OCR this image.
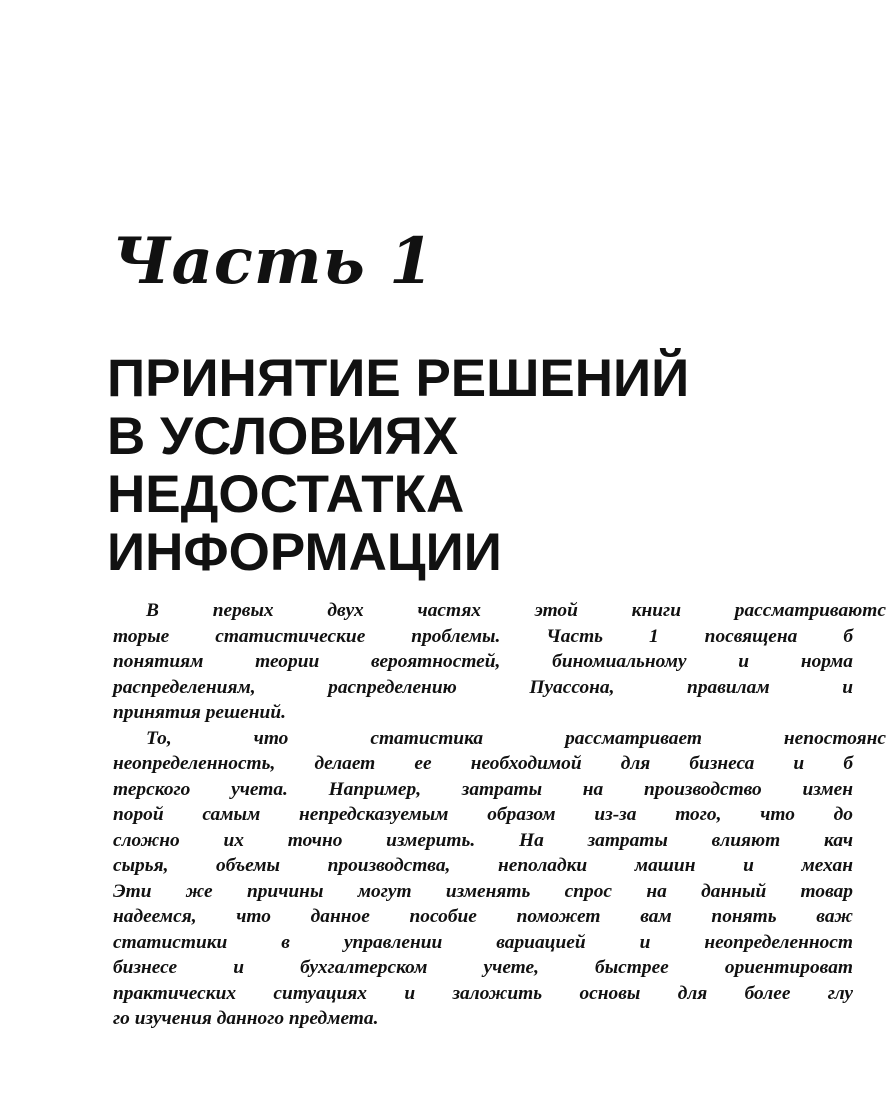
Часть 1
ПРИНЯТИЕ РЕШЕНИЙ
В УСЛОВИЯХ
НЕДОСТАТКА
ИНФОРМАЦИИ
В первых двух частях этой книги рассматриваютс
торые статистические проблемы. Часть 1 посвящена б
понятиям теории вероятностей, биномиальному и норма
распределениям, распределению Пуассона, правилам и
принятия решений.
То, что статистика рассматривает непостоянс
неопределенность, делает ее необходимой для бизнеса и б
терского учета. Например, затраты на производство измен
порой самым непредсказуемым образом из-за того, что до
сложно их точно измерить. На затраты влияют кач
сырья, объемы производства, неполадки машин и механ
Эти же причины могут изменять спрос на данный товар
надеемся, что данное пособие поможет вам понять важ
статистики в управлении вариацией и неопределенност
бизнесе и бухгалтерском учете, быстрее ориентироват
практических ситуациях и заложить основы для более глу
го изучения данного предмета.
